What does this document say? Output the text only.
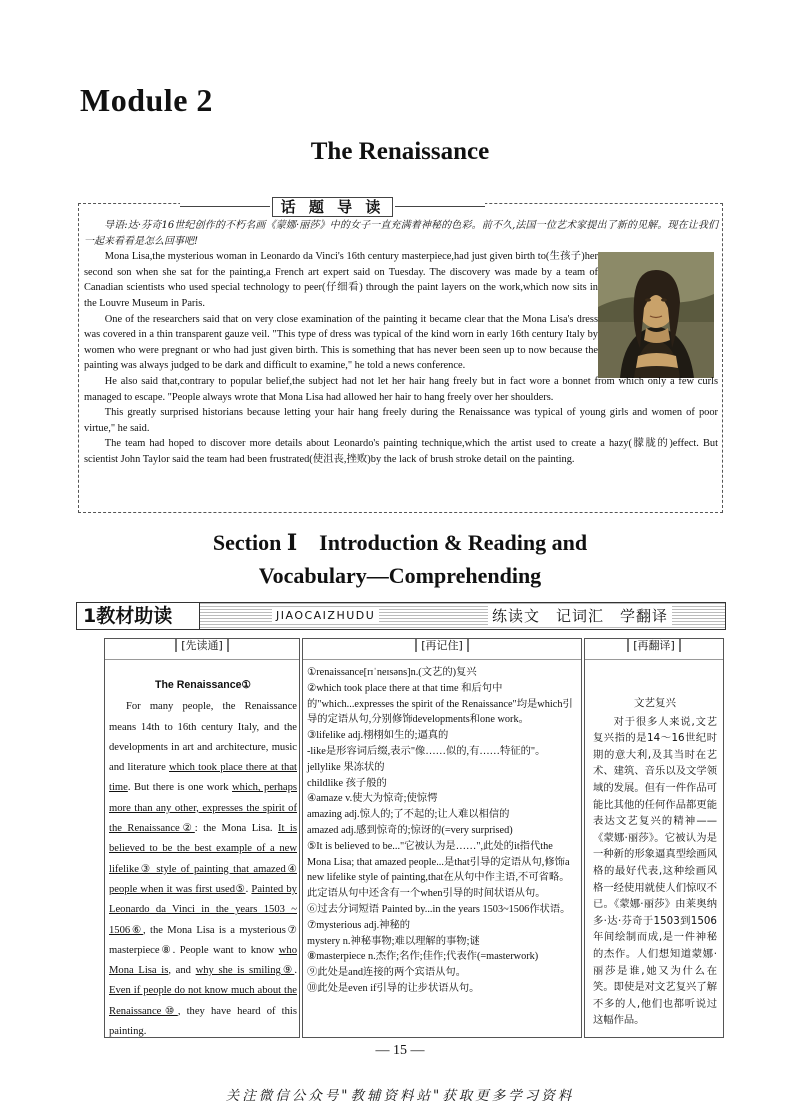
Module 2
The Renaissance
话 题 导 读

导语:达·芬奇16世纪创作的不朽名画《蒙娜·丽莎》中的女子一直充满着神秘的色彩。前不久,法国一位艺术家提出了新的见解。现在让我们一起来看看是怎么回事吧!

Mona Lisa,the mysterious woman in Leonardo da Vinci's 16th century masterpiece,had just given birth to(生孩子)her second son when she sat for the painting,a French art expert said on Tuesday. The discovery was made by a team of Canadian scientists who used special technology to peer(仔细看) through the paint layers on the work,which now sits in the Louvre Museum in Paris.

One of the researchers said that on very close examination of the painting it became clear that the Mona Lisa's dress was covered in a thin transparent gauze veil. "This type of dress was typical of the kind worn in early 16th century Italy by women who were pregnant or who had just given birth. This is something that has never been seen up to now because the painting was always judged to be dark and difficult to examine," he told a news conference.

He also said that,contrary to popular belief,the subject had not let her hair hang freely but in fact wore a bonnet from which only a few curls managed to escape. "People always wrote that Mona Lisa had allowed her hair to hang freely over her shoulders.

This greatly surprised historians because letting your hair hang freely during the Renaissance was typical of young girls and women of poor virtue," he said.

The team had hoped to discover more details about Leonardo's painting technique,which the artist used to create a hazy(朦胧的)effect. But scientist John Taylor said the team had been frustrated(使沮丧,挫败)by the lack of brush stroke detail on the painting.

Section Ⅰ　Introduction & Reading and
Vocabulary—Comprehending
1教材助读	JIAOCAIZHUDU	练读文　记词汇　学翻译
[先读通]
The Renaissance①

For many people, the Renaissance means 14th to 16th century Italy, and the developments in art and architecture, music and literature which took place there at that time. But there is one work which, perhaps more than any other, expresses the spirit of the Renaissance②: the Mona Lisa. It is believed to be the best example of a new lifelike③ style of painting that amazed④ people when it was first used⑤. Painted by Leonardo da Vinci in the years 1503 ~ 1506⑥, the Mona Lisa is a mysterious⑦ masterpiece⑧. People want to know who Mona Lisa is, and why she is smiling⑨. Even if people do not know much about the Renaissance⑩, they have heard of this painting.

[再记住]
①renaissance[rɪˈneɪsəns]n.(文艺的)复兴
②which took place there at that time 和后句中的"which...expresses the spirit of the Renaissance"均是which引导的定语从句,分别修饰developments和one work。
③lifelike adj.栩栩如生的;逼真的
-like是形容词后缀,表示"像……似的,有……特征的"。
jellylike 果冻状的
childlike 孩子般的
④amaze v.使大为惊奇;使惊愕
amazing adj.惊人的;了不起的;让人难以相信的
amazed adj.感到惊奇的;惊讶的(=very surprised)
⑤It is believed to be..."它被认为是……",此处的it指代the Mona Lisa; that amazed people...是that引导的定语从句,修饰a new lifelike style of painting,that在从句中作主语,不可省略。此定语从句中还含有一个when引导的时间状语从句。
⑥过去分词短语 Painted by...in the years 1503~1506作状语。
⑦mysterious adj.神秘的
mystery n.神秘事物;难以理解的事物;谜
⑧masterpiece n.杰作;名作;佳作;代表作(=masterwork)
⑨此处是and连接的两个宾语从句。
⑩此处是even if引导的让步状语从句。
[再翻译]
文艺复兴

对于很多人来说,文艺复兴指的是14～16世纪时期的意大利,及其当时在艺术、建筑、音乐以及文学领域的发展。但有一件作品可能比其他的任何作品都更能表达文艺复兴的精神——《蒙娜·丽莎》。它被认为是一种新的形象逼真型绘画风格的最好代表,这种绘画风格一经使用就使人们惊叹不已。《蒙娜·丽莎》由莱奥纳多·达·芬奇于1503到1506年间绘制而成,是一件神秘的杰作。人们想知道蒙娜·丽莎是谁,她又为什么在笑。即使是对文艺复兴了解不多的人,他们也都听说过这幅作品。

— 15 —
关注微信公众号"教辅资料站"获取更多学习资料
